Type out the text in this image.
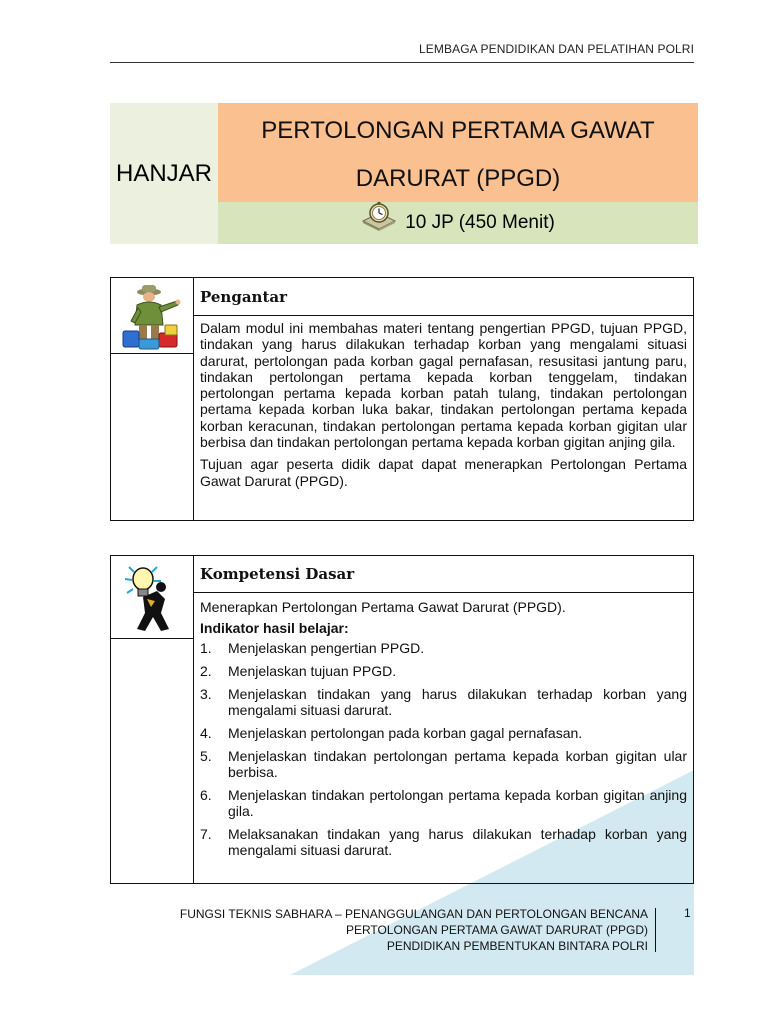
LEMBAGA PENDIDIKAN DAN PELATIHAN POLRI
HANJAR
PERTOLONGAN PERTAMA GAWAT
DARURAT (PPGD)
10 JP (450 Menit)
Pengantar

Dalam modul ini membahas materi tentang pengertian PPGD, tujuan PPGD, tindakan yang harus dilakukan terhadap korban yang mengalami situasi darurat, pertolongan pada korban gagal pernafasan, resusitasi jantung paru, tindakan pertolongan pertama kepada korban tenggelam, tindakan pertolongan pertama kepada korban patah tulang, tindakan pertolongan pertama kepada korban luka bakar, tindakan pertolongan pertama kepada korban keracunan, tindakan pertolongan pertama kepada korban gigitan ular berbisa dan tindakan pertolongan pertama kepada korban gigitan anjing gila.

Tujuan agar peserta didik dapat dapat menerapkan Pertolongan Pertama Gawat Darurat (PPGD).

Kompetensi Dasar

Menerapkan Pertolongan Pertama Gawat Darurat (PPGD).

Indikator hasil belajar:
1.	Menjelaskan pengertian PPGD.
2.	Menjelaskan tujuan PPGD.
3.	Menjelaskan tindakan yang harus dilakukan terhadap korban yang mengalami situasi darurat.
4.	Menjelaskan pertolongan pada korban gagal pernafasan.
5.	Menjelaskan tindakan pertolongan pertama kepada korban gigitan ular berbisa.
6.	Menjelaskan tindakan pertolongan pertama kepada korban gigitan anjing gila.
7.	Melaksanakan tindakan yang harus dilakukan terhadap korban yang mengalami situasi darurat.
FUNGSI TEKNIS SABHARA – PENANGGULANGAN DAN PERTOLONGAN BENCANA
PERTOLONGAN PERTAMA GAWAT DARURAT (PPGD)
PENDIDIKAN PEMBENTUKAN BINTARA POLRI
1
